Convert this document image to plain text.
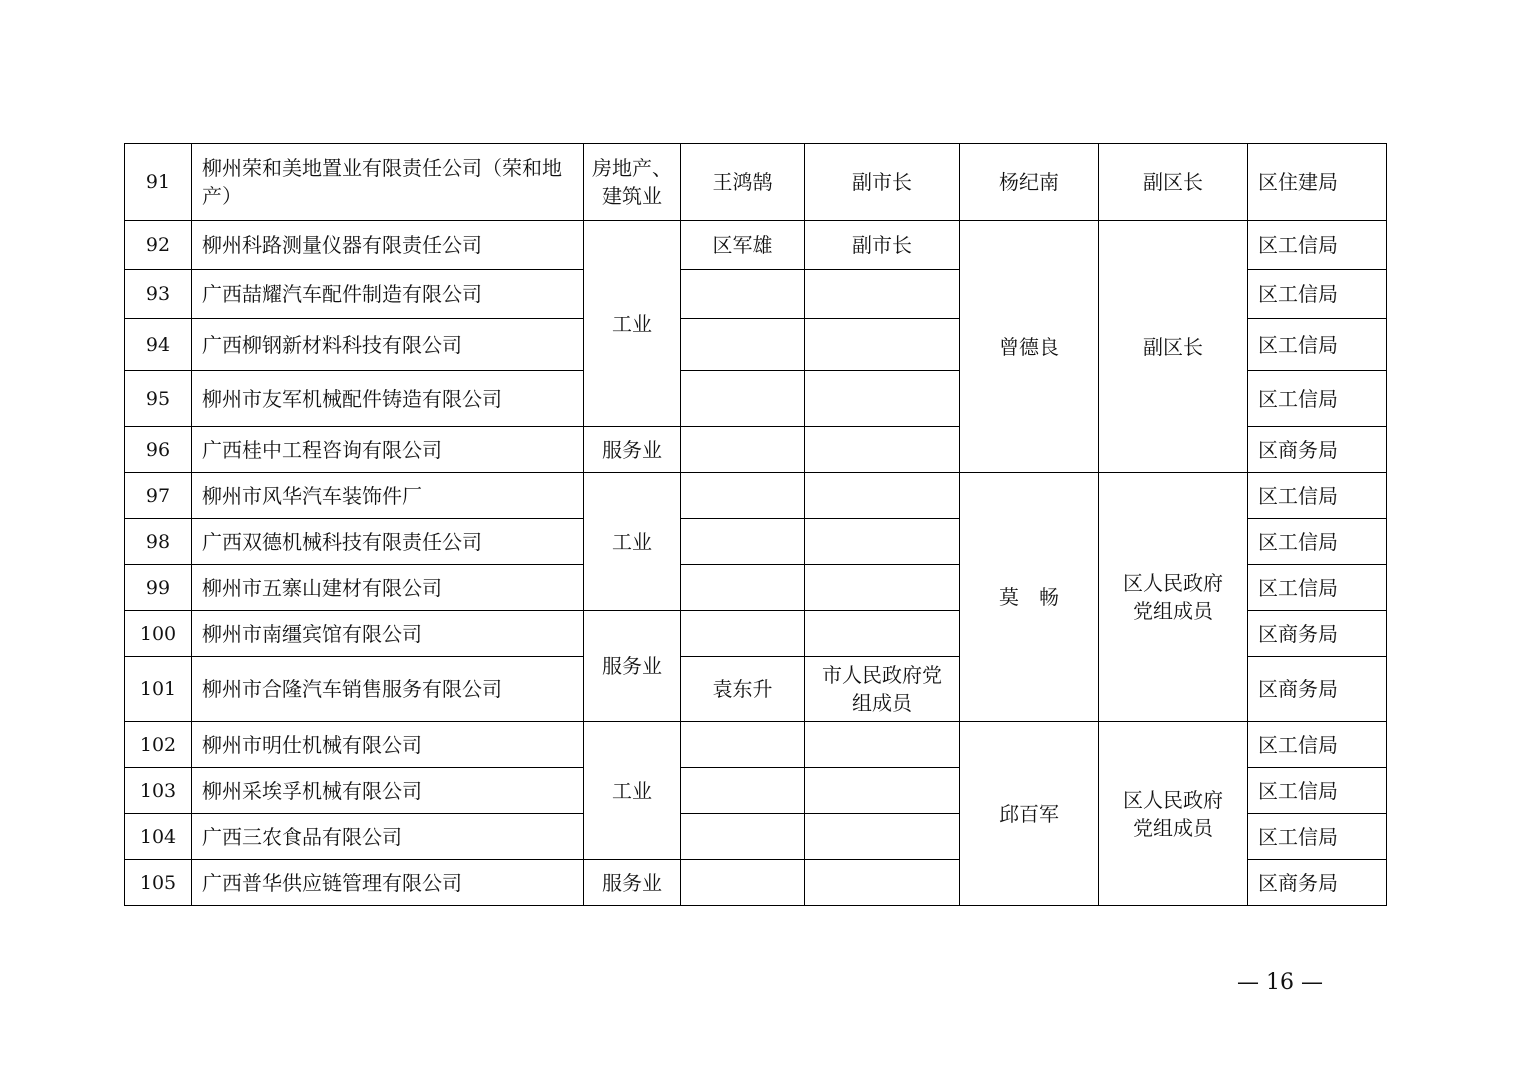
91	柳州荣和美地置业有限责任公司（荣和地产）	房地产、建筑业	王鸿鹄	副市长	杨纪南	副区长	区住建局
92	柳州科路测量仪器有限责任公司	工业	区军雄	副市长	曾德良	副区长	区工信局
93	广西喆耀汽车配件制造有限公司						区工信局
94	广西柳钢新材料科技有限公司						区工信局
95	柳州市友军机械配件铸造有限公司						区工信局
96	广西桂中工程咨询有限公司	服务业					区商务局
97	柳州市风华汽车装饰件厂	工业			莫　畅	区人民政府党组成员	区工信局
98	广西双德机械科技有限责任公司						区工信局
99	柳州市五寨山建材有限公司						区工信局
100	柳州市南缰宾馆有限公司	服务业					区商务局
101	柳州市合隆汽车销售服务有限公司		袁东升	市人民政府党组成员			区商务局
102	柳州市明仕机械有限公司	工业			邱百军	区人民政府党组成员	区工信局
103	柳州采埃孚机械有限公司						区工信局
104	广西三农食品有限公司						区工信局
105	广西普华供应链管理有限公司	服务业					区商务局
— 16 —
